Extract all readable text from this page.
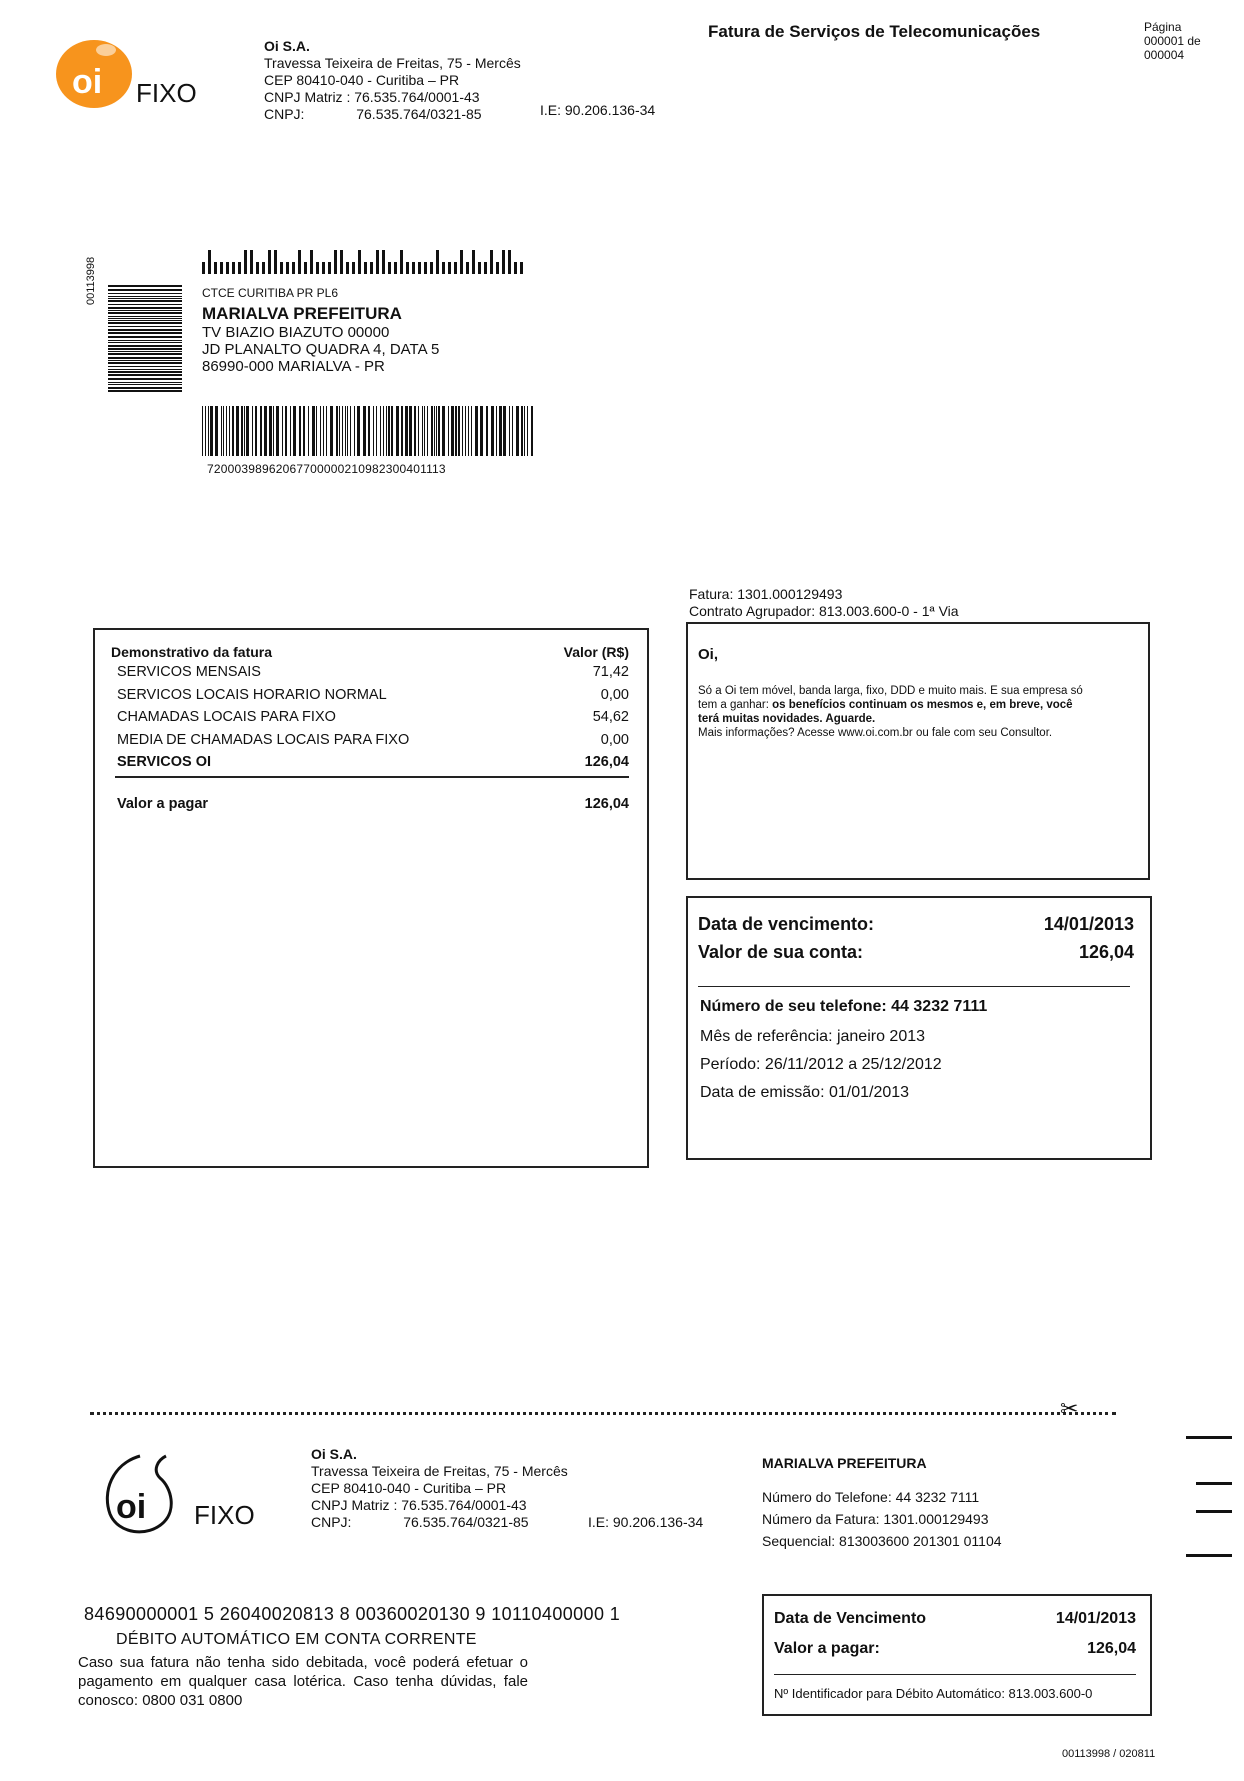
oi FIXO
Oi S.A.
Travessa Teixeira de Freitas, 75 - Mercês
CEP 80410-040 - Curitiba – PR
CNPJ Matriz : 76.535.764/0001-43
CNPJ:	76.535.764/0321-85	I.E: 90.206.136-34
Fatura de Serviços de Telecomunicações	Página
000001 de
000004
00113998	CTCE CURITIBA PR PL6
MARIALVA PREFEITURA
TV BIAZIO BIAZUTO 00000
JD PLANALTO QUADRA 4, DATA 5
86990-000 MARIALVA - PR
72000398962067700000210982300401113
Fatura: 1301.000129493
Contrato Agrupador: 813.003.600-0 - 1ª Via
Demonstrativo da fatura	Valor (R$)
SERVICOS MENSAIS	71,42
SERVICOS LOCAIS HORARIO NORMAL	0,00
CHAMADAS LOCAIS PARA FIXO	54,62
MEDIA DE CHAMADAS LOCAIS PARA FIXO	0,00
SERVICOS OI	126,04
Valor a pagar	126,04
Oi,
Só a Oi tem móvel, banda larga, fixo, DDD e muito mais. E sua empresa só
tem a ganhar: os benefícios continuam os mesmos e, em breve, você
terá muitas novidades. Aguarde.
Mais informações? Acesse www.oi.com.br ou fale com seu Consultor.
Data de vencimento:	14/01/2013
Valor de sua conta:	126,04
Número de seu telefone: 44 3232 7111
Mês de referência: janeiro 2013
Período: 26/11/2012 a 25/12/2012
Data de emissão: 01/01/2013
✂
oi FIXO
Oi S.A.
Travessa Teixeira de Freitas, 75 - Mercês
CEP 80410-040 - Curitiba – PR
CNPJ Matriz : 76.535.764/0001-43
CNPJ:	76.535.764/0321-85	I.E: 90.206.136-34
MARIALVA PREFEITURA
Número do Telefone: 44 3232 7111
Número da Fatura: 1301.000129493
Sequencial: 813003600 201301 01104
84690000001 5 26040020813 8 00360020130 9 10110400000 1
DÉBITO AUTOMÁTICO EM CONTA CORRENTE
Caso sua fatura não tenha sido debitada, você poderá efetuar o pagamento em qualquer casa lotérica. Caso tenha dúvidas, fale conosco: 0800 031 0800
Data de Vencimento	14/01/2013
Valor a pagar:	126,04
Nº Identificador para Débito Automático: 813.003.600-0
00113998 / 020811
